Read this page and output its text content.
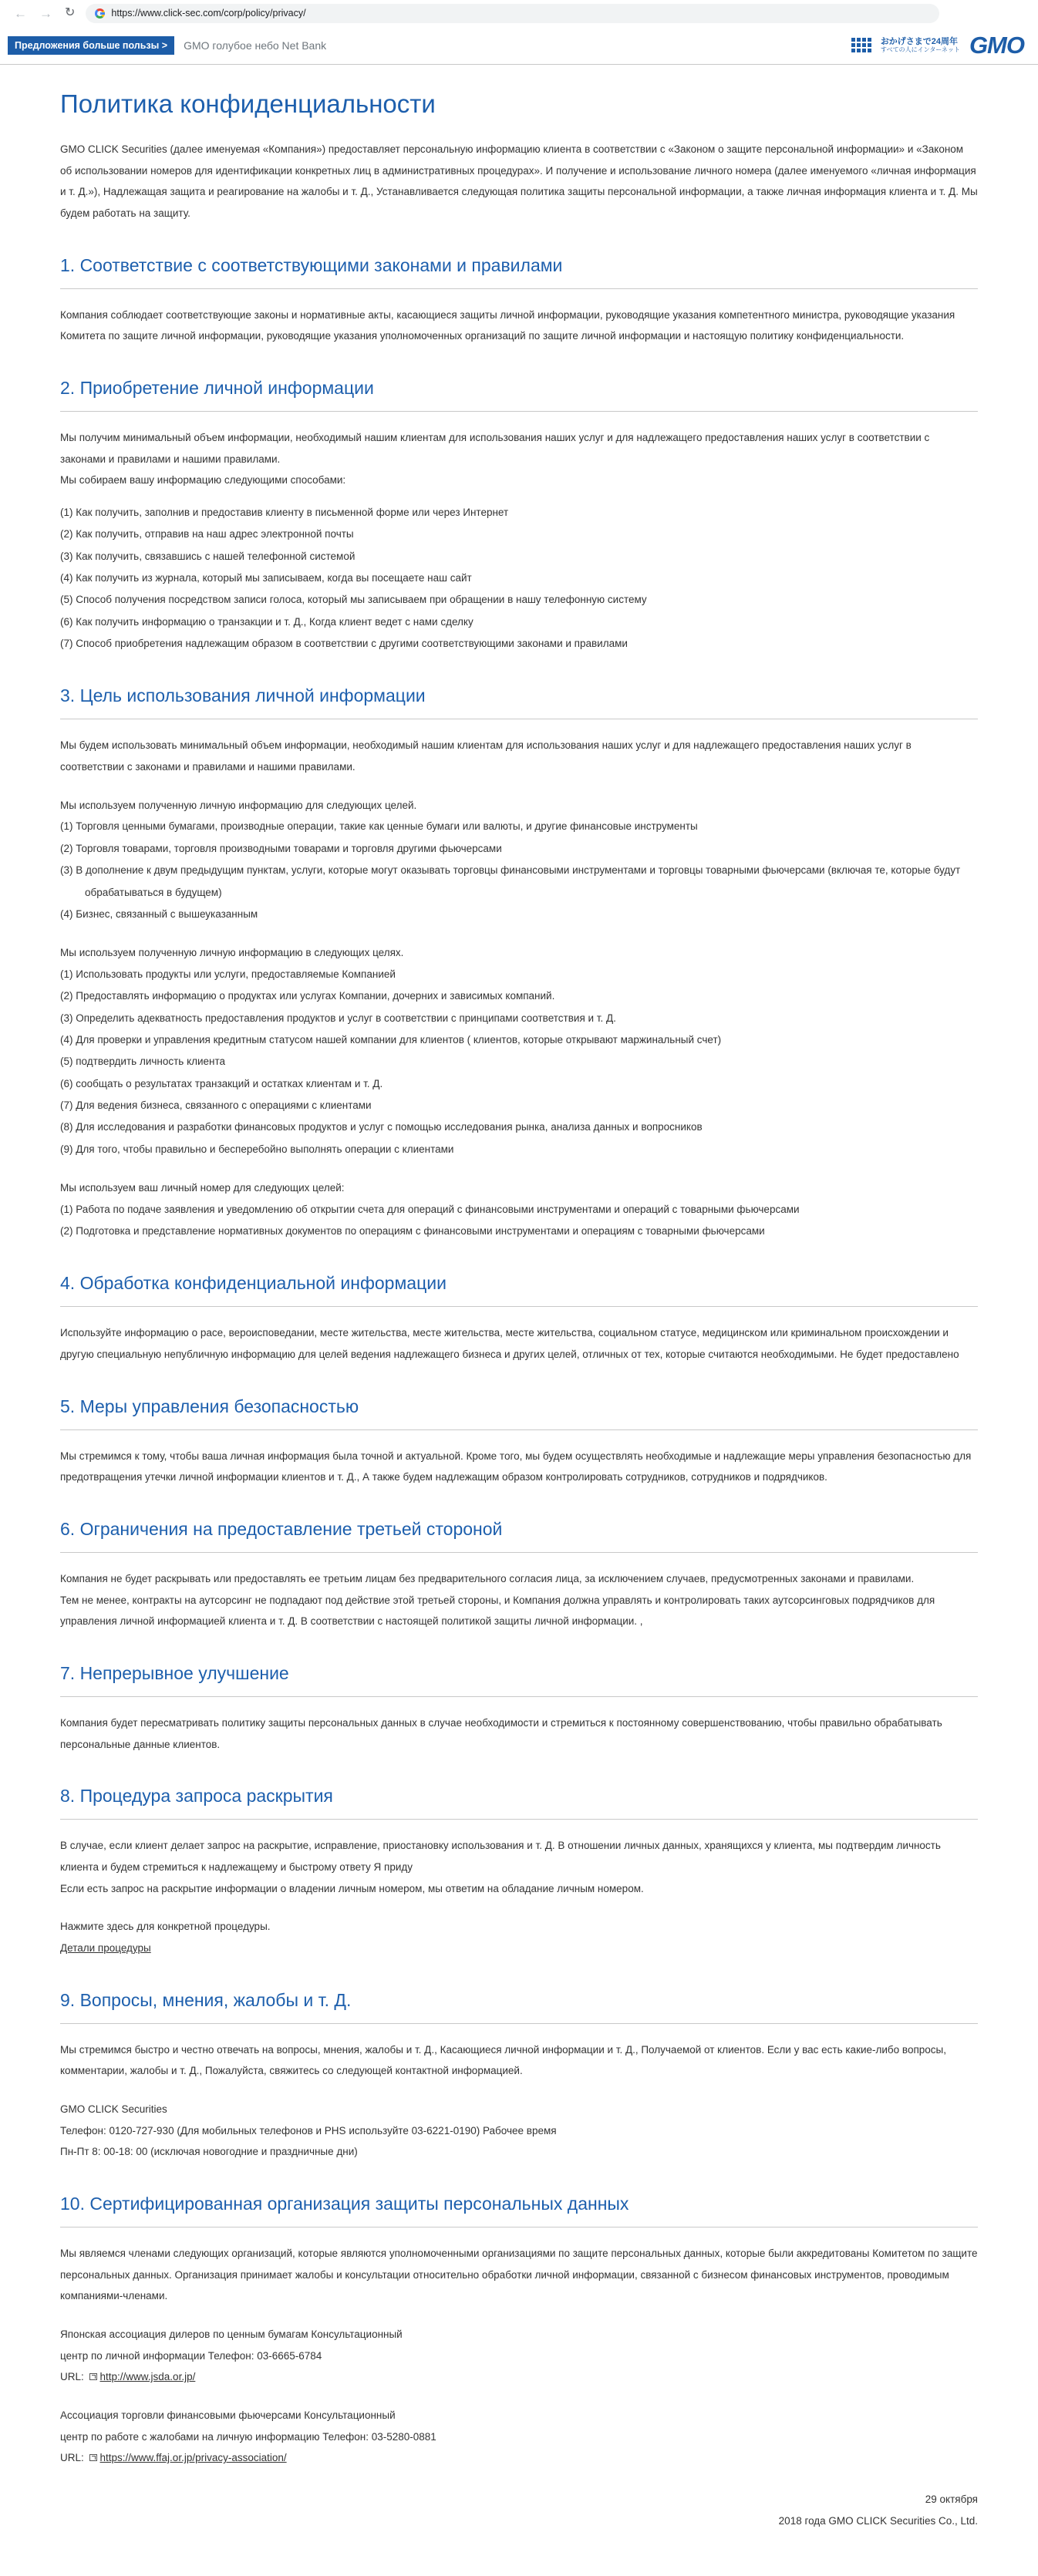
← → ↻	https://www.click-sec.com/corp/policy/privacy/
Предложения больше пользы >	GMO голубое небо Net Bank	おかげさまで24周年
すべての人にインターネット GMO
Политика конфиденциальности

GMO CLICK Securities (далее именуемая «Компания») предоставляет персональную информацию клиента в соответствии с «Законом о защите персональной информации» и «Законом об использовании номеров для идентификации конкретных лиц в административных процедурах». И получение и использование личного номера (далее именуемого «личная информация и т. Д.»), Надлежащая защита и реагирование на жалобы и т. Д., Устанавливается следующая политика защиты персональной информации, а также личная информация клиента и т. Д. Мы будем работать на защиту.

1. Соответствие с соответствующими законами и правилами

Компания соблюдает соответствующие законы и нормативные акты, касающиеся защиты личной информации, руководящие указания компетентного министра, руководящие указания Комитета по защите личной информации, руководящие указания уполномоченных организаций по защите личной информации и настоящую политику конфиденциальности.

2. Приобретение личной информации

Мы получим минимальный объем информации, необходимый нашим клиентам для использования наших услуг и для надлежащего предоставления наших услуг в соответствии с законами и правилами и нашими правилами.

Мы собираем вашу информацию следующими способами:

(1) Как получить, заполнив и предоставив клиенту в письменной форме или через Интернет
(2) Как получить, отправив на наш адрес электронной почты
(3) Как получить, связавшись с нашей телефонной системой
(4) Как получить из журнала, который мы записываем, когда вы посещаете наш сайт
(5) Способ получения посредством записи голоса, который мы записываем при обращении в нашу телефонную систему
(6) Как получить информацию о транзакции и т. Д., Когда клиент ведет с нами сделку
(7) Способ приобретения надлежащим образом в соответствии с другими соответствующими законами и правилами
3. Цель использования личной информации

Мы будем использовать минимальный объем информации, необходимый нашим клиентам для использования наших услуг и для надлежащего предоставления наших услуг в соответствии с законами и правилами и нашими правилами.

Мы используем полученную личную информацию для следующих целей.

(1) Торговля ценными бумагами, производные операции, такие как ценные бумаги или валюты, и другие финансовые инструменты
(2) Торговля товарами, торговля производными товарами и торговля другими фьючерсами
(3) В дополнение к двум предыдущим пунктам, услуги, которые могут оказывать торговцы финансовыми инструментами и торговцы товарными фьючерсами (включая те, которые будут обрабатываться в будущем)
(4) Бизнес, связанный с вышеуказанным

Мы используем полученную личную информацию в следующих целях.

(1) Использовать продукты или услуги, предоставляемые Компанией
(2) Предоставлять информацию о продуктах или услугах Компании, дочерних и зависимых компаний.
(3) Определить адекватность предоставления продуктов и услуг в соответствии с принципами соответствия и т. Д.
(4) Для проверки и управления кредитным статусом нашей компании для клиентов ( клиентов, которые открывают маржинальный счет)
(5) подтвердить личность клиента
(6) сообщать о результатах транзакций и остатках клиентам и т. Д.
(7) Для ведения бизнеса, связанного с операциями с клиентами
(8) Для исследования и разработки финансовых продуктов и услуг с помощью исследования рынка, анализа данных и вопросников
(9) Для того, чтобы правильно и бесперебойно выполнять операции с клиентами

Мы используем ваш личный номер для следующих целей:

(1) Работа по подаче заявления и уведомлению об открытии счета для операций с финансовыми инструментами и операций с товарными фьючерсами
(2) Подготовка и представление нормативных документов по операциям с финансовыми инструментами и операциям с товарными фьючерсами
4. Обработка конфиденциальной информации

Используйте информацию о расе, вероисповедании, месте жительства, месте жительства, месте жительства, социальном статусе, медицинском или криминальном происхождении и другую специальную непубличную информацию для целей ведения надлежащего бизнеса и других целей, отличных от тех, которые считаются необходимыми. Не будет предоставлено

5. Меры управления безопасностью

Мы стремимся к тому, чтобы ваша личная информация была точной и актуальной. Кроме того, мы будем осуществлять необходимые и надлежащие меры управления безопасностью для предотвращения утечки личной информации клиентов и т. Д., А также будем надлежащим образом контролировать сотрудников, сотрудников и подрядчиков.

6. Ограничения на предоставление третьей стороной

Компания не будет раскрывать или предоставлять ее третьим лицам без предварительного согласия лица, за исключением случаев, предусмотренных законами и правилами.

Тем не менее, контракты на аутсорсинг не подпадают под действие этой третьей стороны, и Компания должна управлять и контролировать таких аутсорсинговых подрядчиков для управления личной информацией клиента и т. Д. В соответствии с настоящей политикой защиты личной информации. ,

7. Непрерывное улучшение

Компания будет пересматривать политику защиты персональных данных в случае необходимости и стремиться к постоянному совершенствованию, чтобы правильно обрабатывать персональные данные клиентов.

8. Процедура запроса раскрытия

В случае, если клиент делает запрос на раскрытие, исправление, приостановку использования и т. Д. В отношении личных данных, хранящихся у клиента, мы подтвердим личность клиента и будем стремиться к надлежащему и быстрому ответу Я приду

Если есть запрос на раскрытие информации о владении личным номером, мы ответим на обладание личным номером.

Нажмите здесь для конкретной процедуры.

Детали процедуры

9. Вопросы, мнения, жалобы и т. Д.

Мы стремимся быстро и честно отвечать на вопросы, мнения, жалобы и т. Д., Касающиеся личной информации и т. Д., Получаемой от клиентов. Если у вас есть какие-либо вопросы, комментарии, жалобы и т. Д., Пожалуйста, свяжитесь со следующей контактной информацией.

GMO CLICK Securities

Телефон: 0120-727-930 (Для мобильных телефонов и PHS используйте 03-6221-0190) Рабочее время

Пн-Пт 8: 00-18: 00 (исключая новогодние и праздничные дни)

10. Сертифицированная организация защиты персональных данных

Мы являемся членами следующих организаций, которые являются уполномоченными организациями по защите персональных данных, которые были аккредитованы Комитетом по защите персональных данных. Организация принимает жалобы и консультации относительно обработки личной информации, связанной с бизнесом финансовых инструментов, проводимым компаниями-членами.

Японская ассоциация дилеров по ценным бумагам Консультационный

центр по личной информации Телефон: 03-6665-6784

URL: http://www.jsda.or.jp/

Ассоциация торговли финансовыми фьючерсами Консультационный

центр по работе с жалобами на личную информацию Телефон: 03-5280-0881

URL: https://www.ffaj.or.jp/privacy-association/

29 октября
2018 года GMO CLICK Securities Co., Ltd.
